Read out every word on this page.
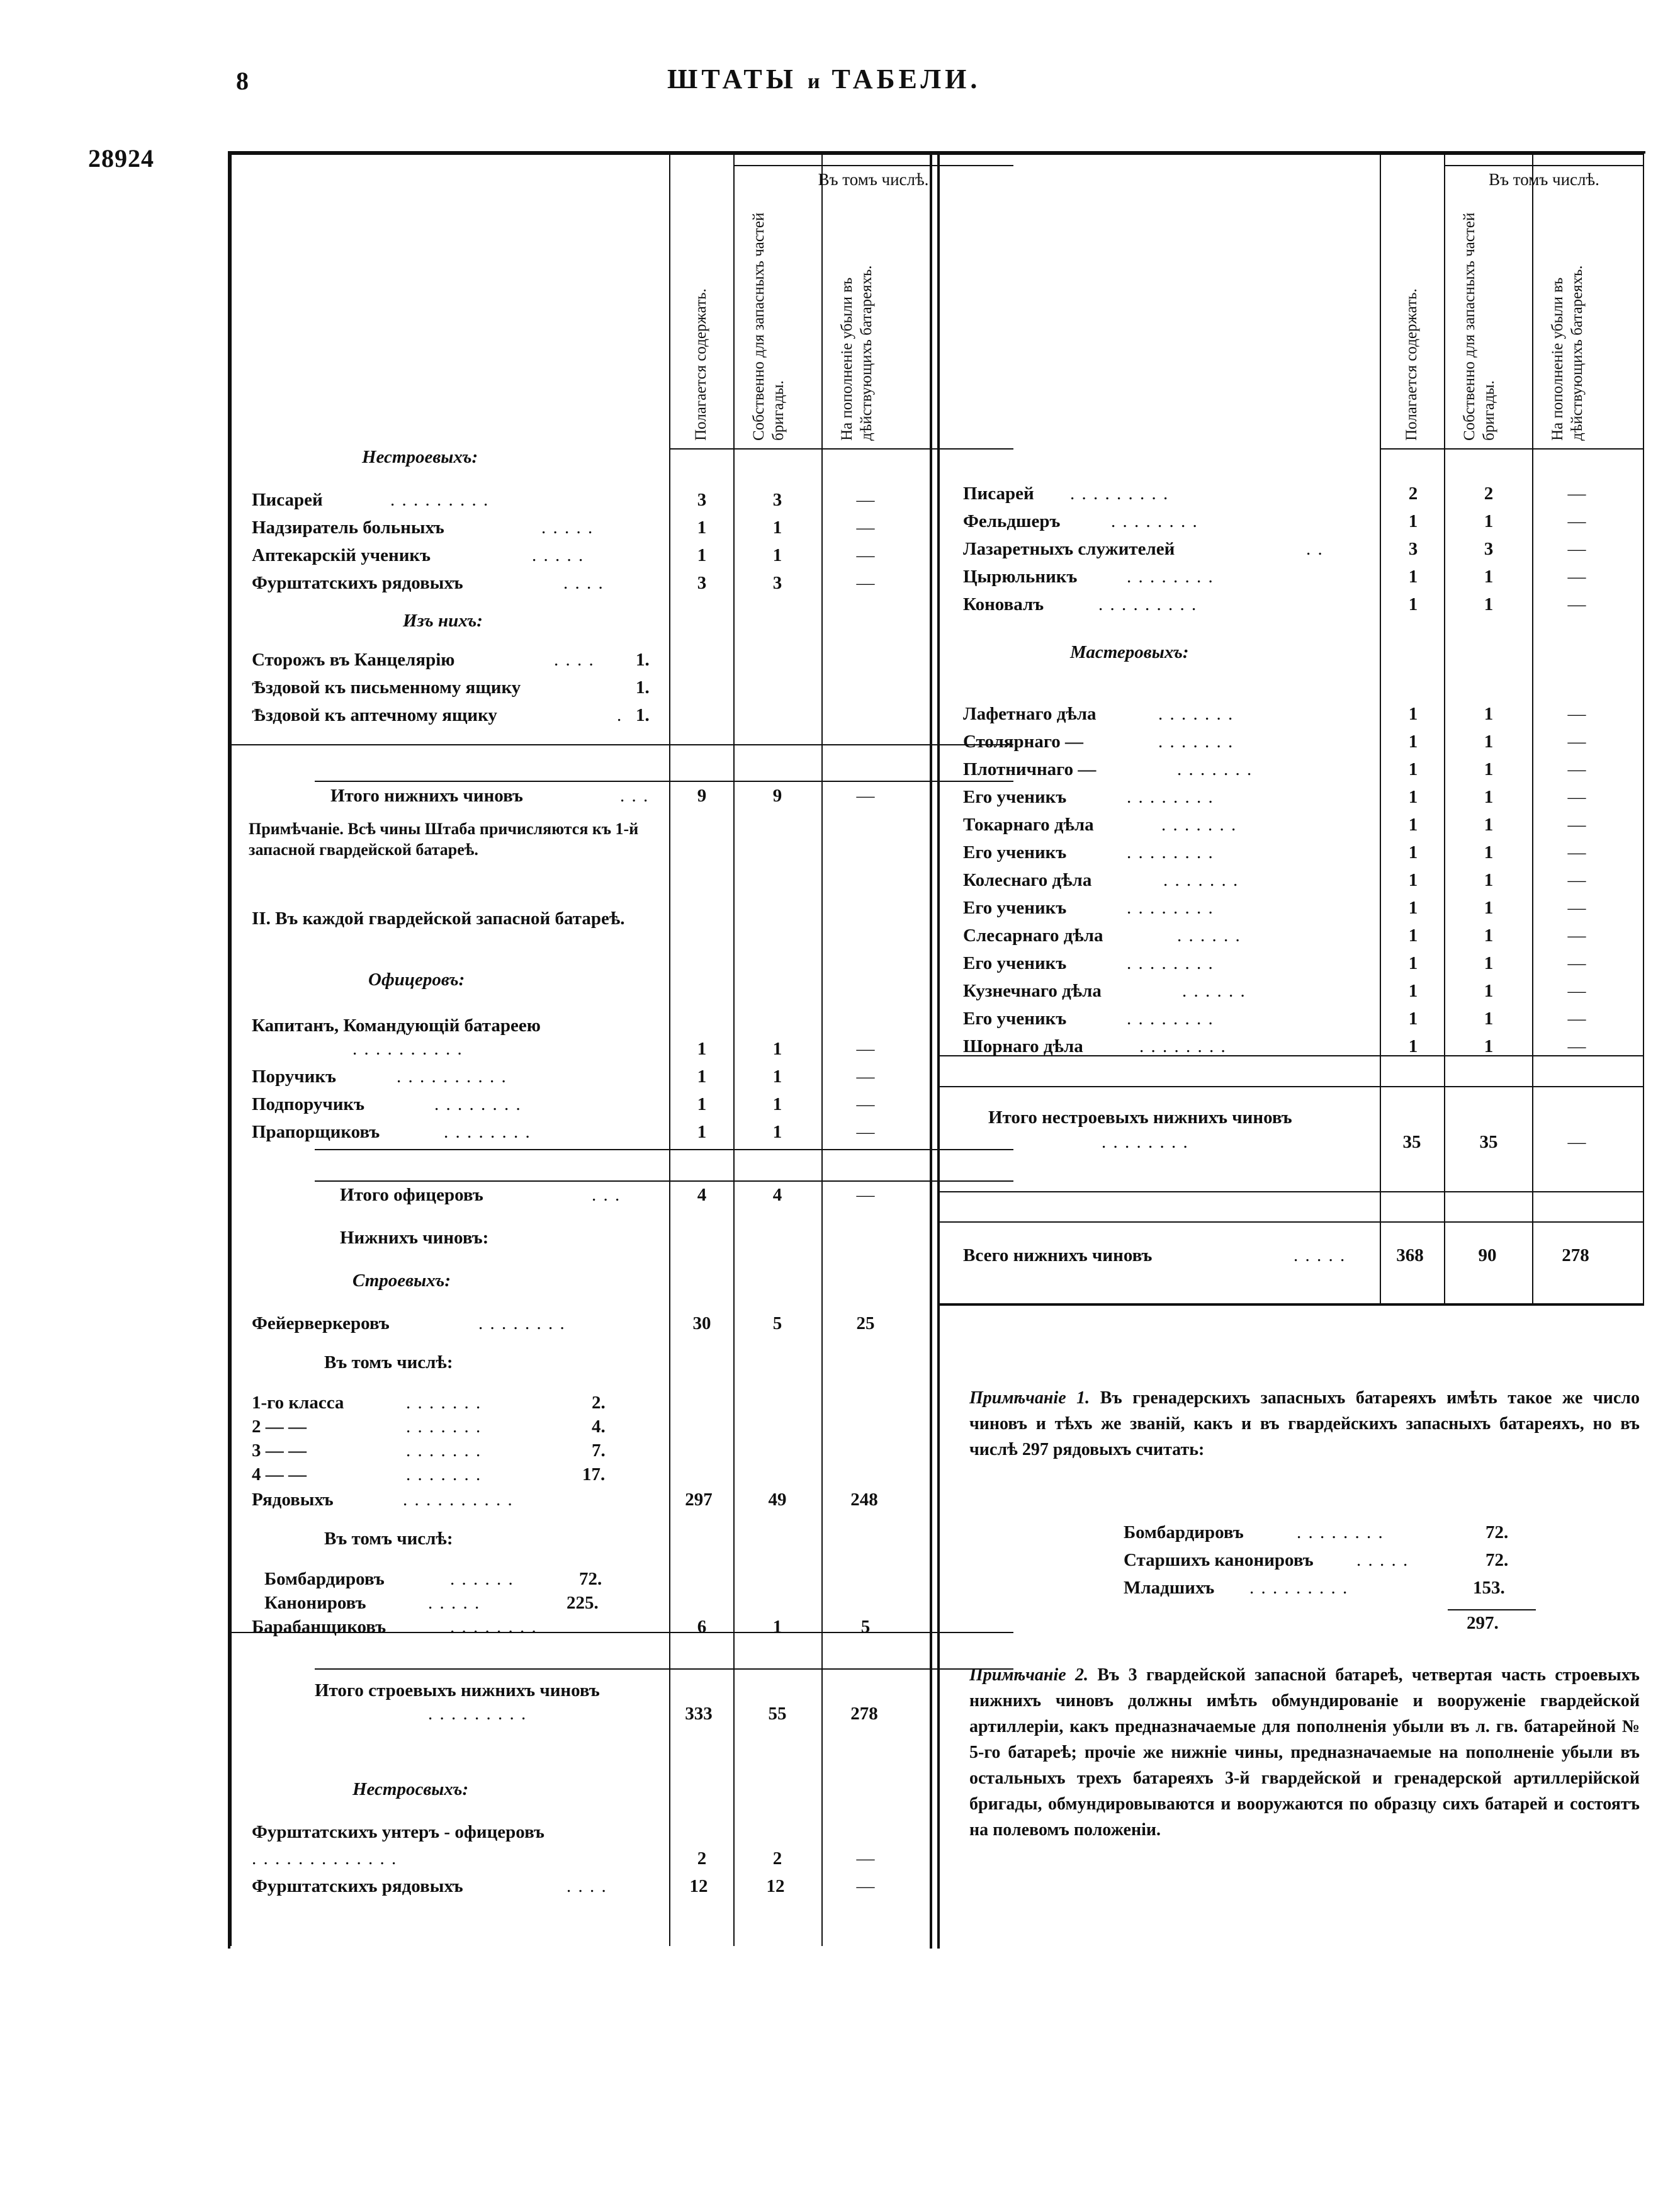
8	ШТАТЫ и ТАБЕЛИ.
28924
Въ томъ числѣ.
Полагается содержать.	Собственно для запасныхъ частей бригады.	На пополненіе убыли въ дѣйствующихъ батареяхъ.
Въ томъ числѣ.
Полагается содержать.	Собственно для запасныхъ частей бригады.	На пополненіе убыли въ дѣйствующихъ батареяхъ.
Нестроевыхъ:
Писарей	. . . . . . . . .	3	3	—
Надзиратель больныхъ	. . . . .	1	1	—
Аптекарскій ученикъ	. . . . .	1	1	—
Фурштатскихъ рядовыхъ	. . . .	3	3	—
Изъ нихъ:
Сторожъ въ Канцелярію	. . . . 1.
Ѣздовой къ письменному ящику	1.
Ѣздовой къ аптечному ящику	. 1.
Итого нижнихъ чиновъ	. . .	9	9	—
Примѣчаніе. Всѣ чины Штаба причисляются къ 1-й запасной гвардейской батареѣ.
II. Въ каждой гвардейской запасной батареѣ.
Офицеровъ:
Капитанъ, Командующій батареею
. . . . . . . . . .	1	1	—
Поручикъ	. . . . . . . . . .	1	1	—
Подпоручикъ	. . . . . . . .	1	1	—
Прапорщиковъ	. . . . . . . .	1	1	—
Итого офицеровъ	. . .	4	4	—
Нижнихъ чиновъ:
Строевыхъ:
Фейерверкеровъ	. . . . . . . .	30	5	25
Въ томъ числѣ:
1-го класса	. . . . . . .	2.
2 — —	. . . . . . .	4.
3 — —	. . . . . . .	7.
4 — —	. . . . . . .	17.
Рядовыхъ	. . . . . . . . . .	297	49	248
Въ томъ числѣ:
Бомбардировъ	. . . . . .	72.
Канонировъ	. . . . .	225.
Барабанщиковъ	. . . . . . . .	6	1	5
Итого строевыхъ нижнихъ чиновъ
. . . . . . . . .	333	55	278
Нестросвыхъ:
Фурштатскихъ унтеръ - офицеровъ
. . . . . . . . . . . . .	2	2	—
Фурштатскихъ рядовыхъ	. . . .	12	12	—
Писарей . . . . . . . . .	2	2	—
Фельдшеръ	. . . . . . . .	1	1	—
Лазаретныхъ служителей	. .	3	3	—
Цырюльникъ	. . . . . . . .	1	1	—
Коновалъ	. . . . . . . . .	1	1	—
Мастеровыхъ:
Лафетнаго дѣла	. . . . . . .	1	1	—
Столярнаго —	. . . . . . .	1	1	—
Плотничнаго —	. . . . . . .	1	1	—
Его ученикъ	. . . . . . . .	1	1	—
Токарнаго дѣла	. . . . . . .	1	1	—
Его ученикъ	. . . . . . . .	1	1	—
Колеснаго дѣла	. . . . . . .	1	1	—
Его ученикъ	. . . . . . . .	1	1	—
Слесарнаго дѣла	. . . . . .	1	1	—
Его ученикъ	. . . . . . . .	1	1	—
Кузнечнаго дѣла	. . . . . .	1	1	—
Его ученикъ	. . . . . . . .	1	1	—
Шорнаго дѣла	. . . . . . . .	1	1	—
Итого нестроевыхъ нижнихъ чиновъ
. . . . . . . .	35	35	—
Всего нижнихъ чиновъ	. . . . .	368	90	278
Примѣчаніе 1. Въ гренадерскихъ запасныхъ батареяхъ имѣть такое же число чиновъ и тѣхъ же званій, какъ и въ гвардейскихъ запасныхъ батареяхъ, но въ числѣ 297 рядовыхъ считать:
Бомбардировъ	. . . . . . . .	72.
Старшихъ канонировъ . . . . .	72.
Младшихъ . . . . . . . . .	153.
297.
Примѣчаніе 2. Въ 3 гвардейской запасной батареѣ, четвертая часть строевыхъ нижнихъ чиновъ должны имѣть обмундированіе и вооруженіе гвардейской артиллеріи, какъ предназначаемые для пополненія убыли въ л. гв. батарейной № 5-го батареѣ; прочіе же нижніе чины, предназначаемые на пополненіе убыли въ остальныхъ трехъ батареяхъ 3-й гвардейской и гренадерской артиллерійской бригады, обмундировываются и вооружаются по образцу сихъ батарей и состоятъ на полевомъ положеніи.
